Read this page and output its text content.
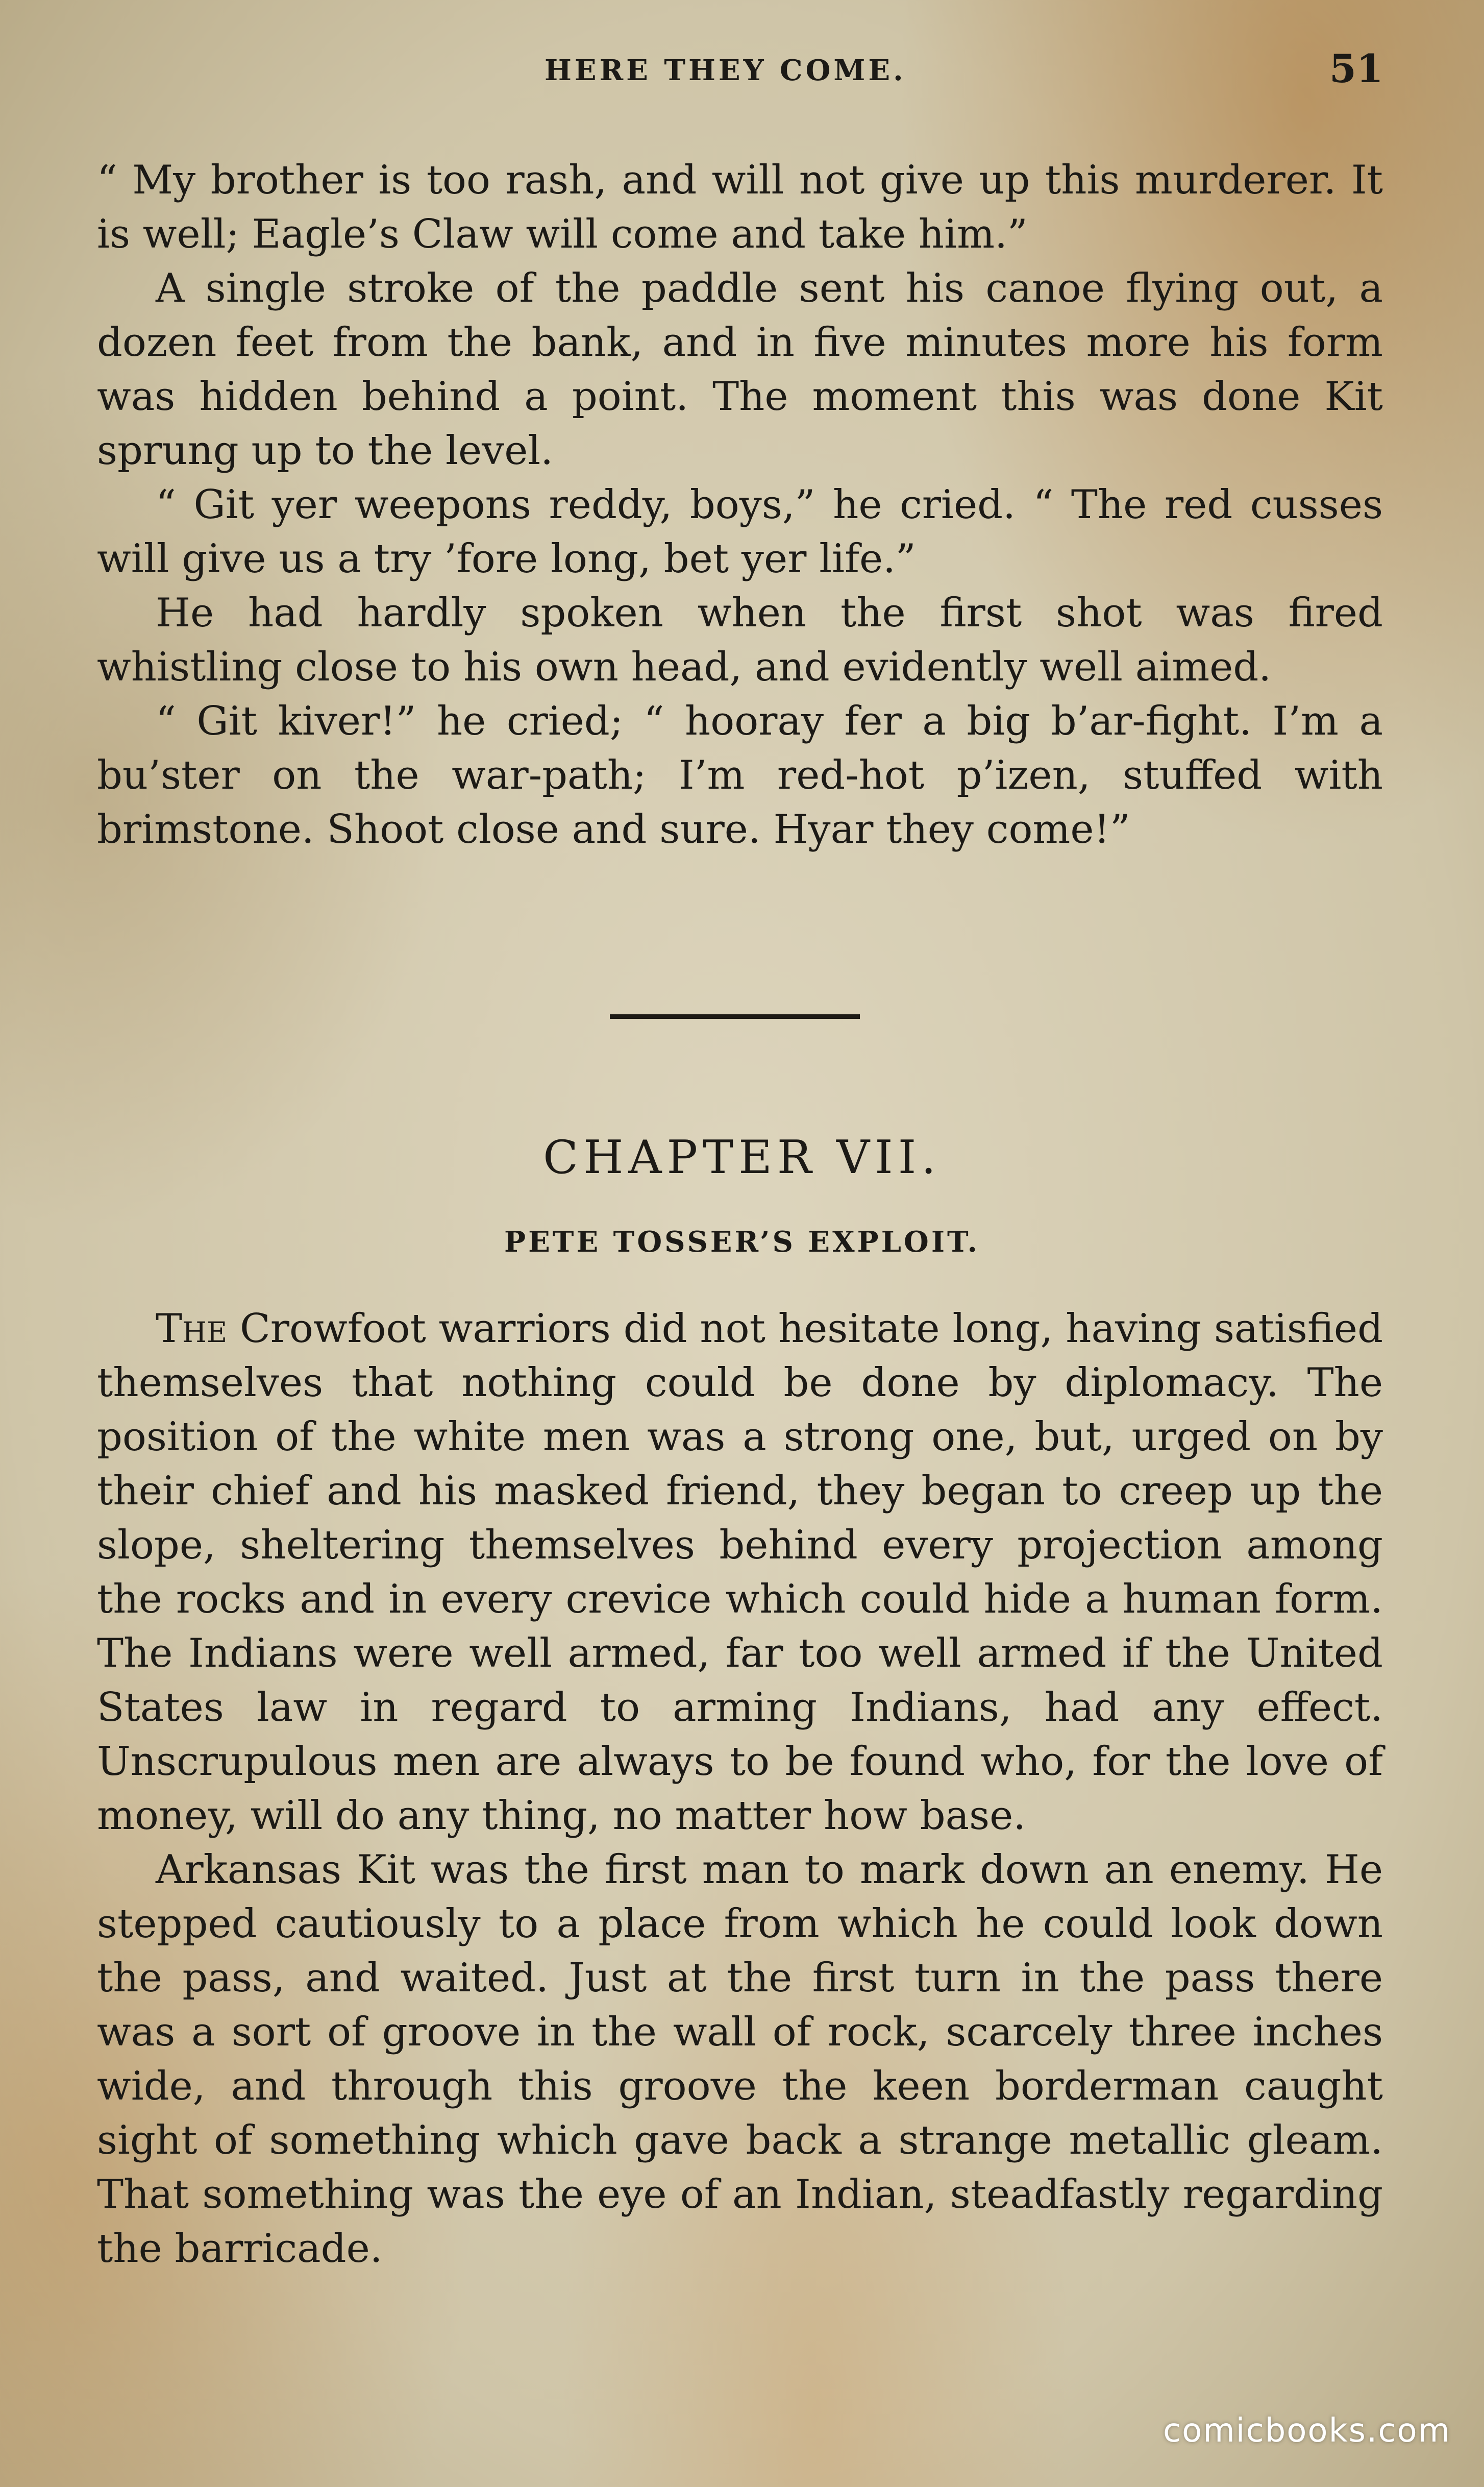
HERE THEY COME.	51

“ My brother is too rash, and will not give up this murderer. It is well; Eagle’s Claw will come and take him.”

A single stroke of the paddle sent his canoe flying out, a dozen feet from the bank, and in five minutes more his form was hidden behind a point. The moment this was done Kit sprung up to the level.

“ Git yer weepons reddy, boys,” he cried. “ The red cusses will give us a try ’fore long, bet yer life.”

He had hardly spoken when the first shot was fired whistling close to his own head, and evidently well aimed.

“ Git kiver!” he cried; “ hooray fer a big b’ar-fight. I’m a bu’ster on the war-path; I’m red-hot p’izen, stuffed with brimstone. Shoot close and sure. Hyar they come!”

CHAPTER VII.
PETE TOSSER’S EXPLOIT.

The Crowfoot warriors did not hesitate long, having satisfied themselves that nothing could be done by diplomacy. The position of the white men was a strong one, but, urged on by their chief and his masked friend, they began to creep up the slope, sheltering themselves behind every projection among the rocks and in every crevice which could hide a human form. The Indians were well armed, far too well armed if the United States law in regard to arming Indians, had any effect. Unscrupulous men are always to be found who, for the love of money, will do any thing, no matter how base.

Arkansas Kit was the first man to mark down an enemy. He stepped cautiously to a place from which he could look down the pass, and waited. Just at the first turn in the pass there was a sort of groove in the wall of rock, scarcely three inches wide, and through this groove the keen borderman caught sight of something which gave back a strange metallic gleam. That something was the eye of an Indian, steadfastly regarding the barricade.

comicbooks.com
